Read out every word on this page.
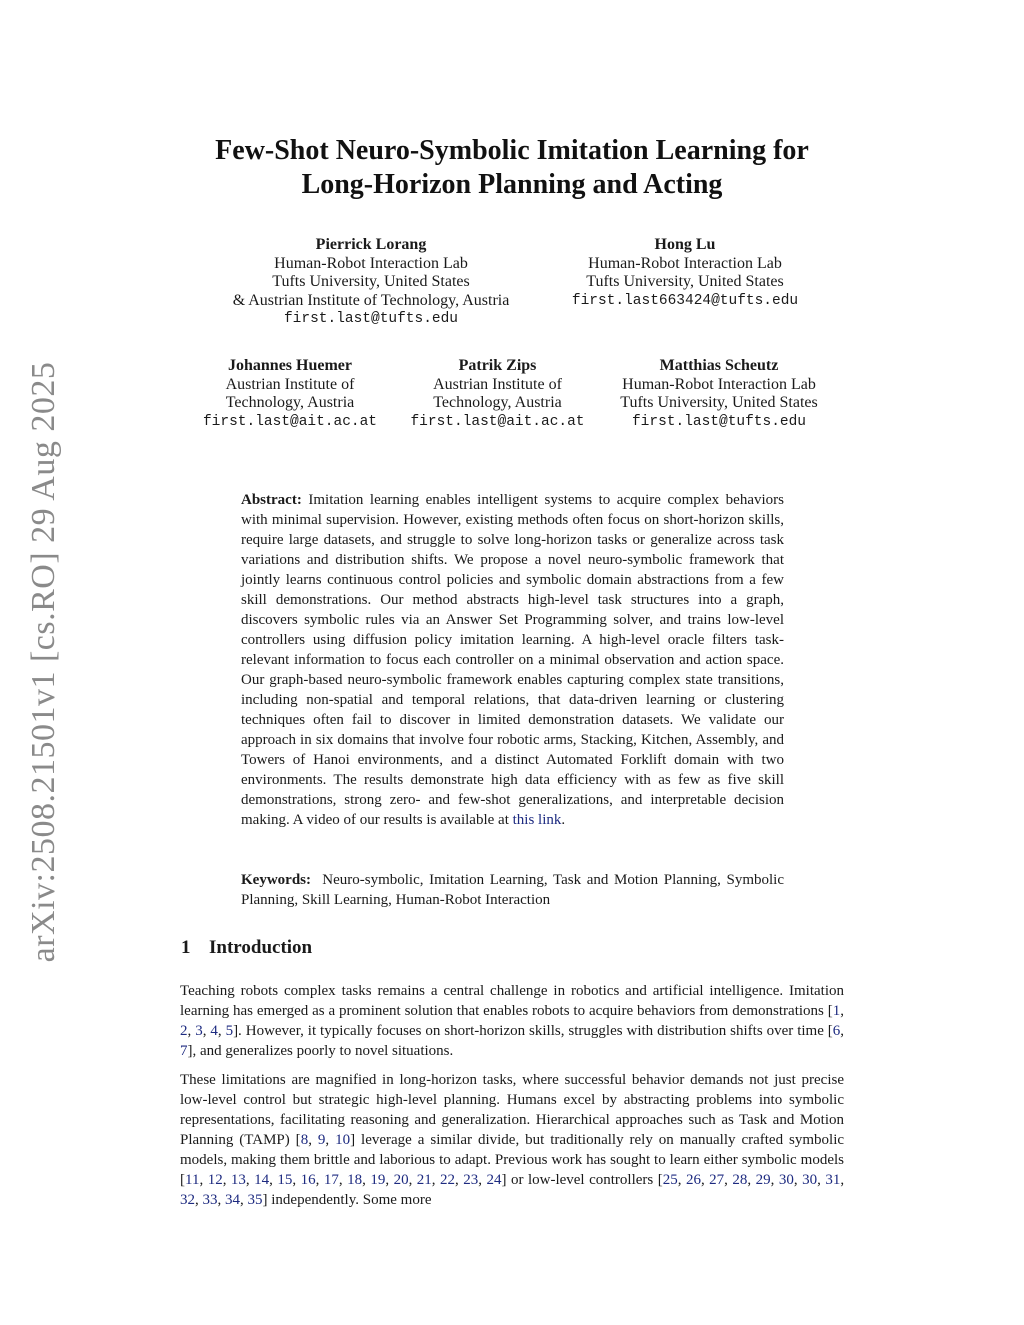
arXiv:2508.21501v1 [cs.RO] 29 Aug 2025
Few-Shot Neuro-Symbolic Imitation Learning for
Long-Horizon Planning and Acting
Pierrick Lorang
Human-Robot Interaction Lab
Tufts University, United States
& Austrian Institute of Technology, Austria
first.last@tufts.edu
Hong Lu
Human-Robot Interaction Lab
Tufts University, United States
first.last663424@tufts.edu
Johannes Huemer
Austrian Institute of
Technology, Austria
first.last@ait.ac.at
Patrik Zips
Austrian Institute of
Technology, Austria
first.last@ait.ac.at
Matthias Scheutz
Human-Robot Interaction Lab
Tufts University, United States
first.last@tufts.edu
Abstract: Imitation learning enables intelligent systems to acquire complex behaviors with minimal supervision. However, existing methods often focus on short-horizon skills, require large datasets, and struggle to solve long-horizon tasks or generalize across task variations and distribution shifts. We propose a novel neuro-symbolic framework that jointly learns continuous control policies and symbolic domain abstractions from a few skill demonstrations. Our method abstracts high-level task structures into a graph, discovers symbolic rules via an Answer Set Programming solver, and trains low-level controllers using diffusion policy imitation learning. A high-level oracle filters task-relevant information to focus each controller on a minimal observation and action space. Our graph-based neuro-symbolic framework enables capturing complex state transitions, including non-spatial and temporal relations, that data-driven learning or clustering techniques often fail to discover in limited demonstration datasets. We validate our approach in six domains that involve four robotic arms, Stacking, Kitchen, Assembly, and Towers of Hanoi environments, and a distinct Automated Forklift domain with two environments. The results demonstrate high data efficiency with as few as five skill demonstrations, strong zero- and few-shot generalizations, and interpretable decision making. A video of our results is available at this link.
Keywords: Neuro-symbolic, Imitation Learning, Task and Motion Planning, Symbolic Planning, Skill Learning, Human-Robot Interaction
1 Introduction
Teaching robots complex tasks remains a central challenge in robotics and artificial intelligence. Imitation learning has emerged as a prominent solution that enables robots to acquire behaviors from demonstrations [1, 2, 3, 4, 5]. However, it typically focuses on short-horizon skills, struggles with distribution shifts over time [6, 7], and generalizes poorly to novel situations.
These limitations are magnified in long-horizon tasks, where successful behavior demands not just precise low-level control but strategic high-level planning. Humans excel by abstracting problems into symbolic representations, facilitating reasoning and generalization. Hierarchical approaches such as Task and Motion Planning (TAMP) [8, 9, 10] leverage a similar divide, but traditionally rely on manually crafted symbolic models, making them brittle and laborious to adapt. Previous work has sought to learn either symbolic models [11, 12, 13, 14, 15, 16, 17, 18, 19, 20, 21, 22, 23, 24] or low-level controllers [25, 26, 27, 28, 29, 30, 30, 31, 32, 33, 34, 35] independently. Some more
